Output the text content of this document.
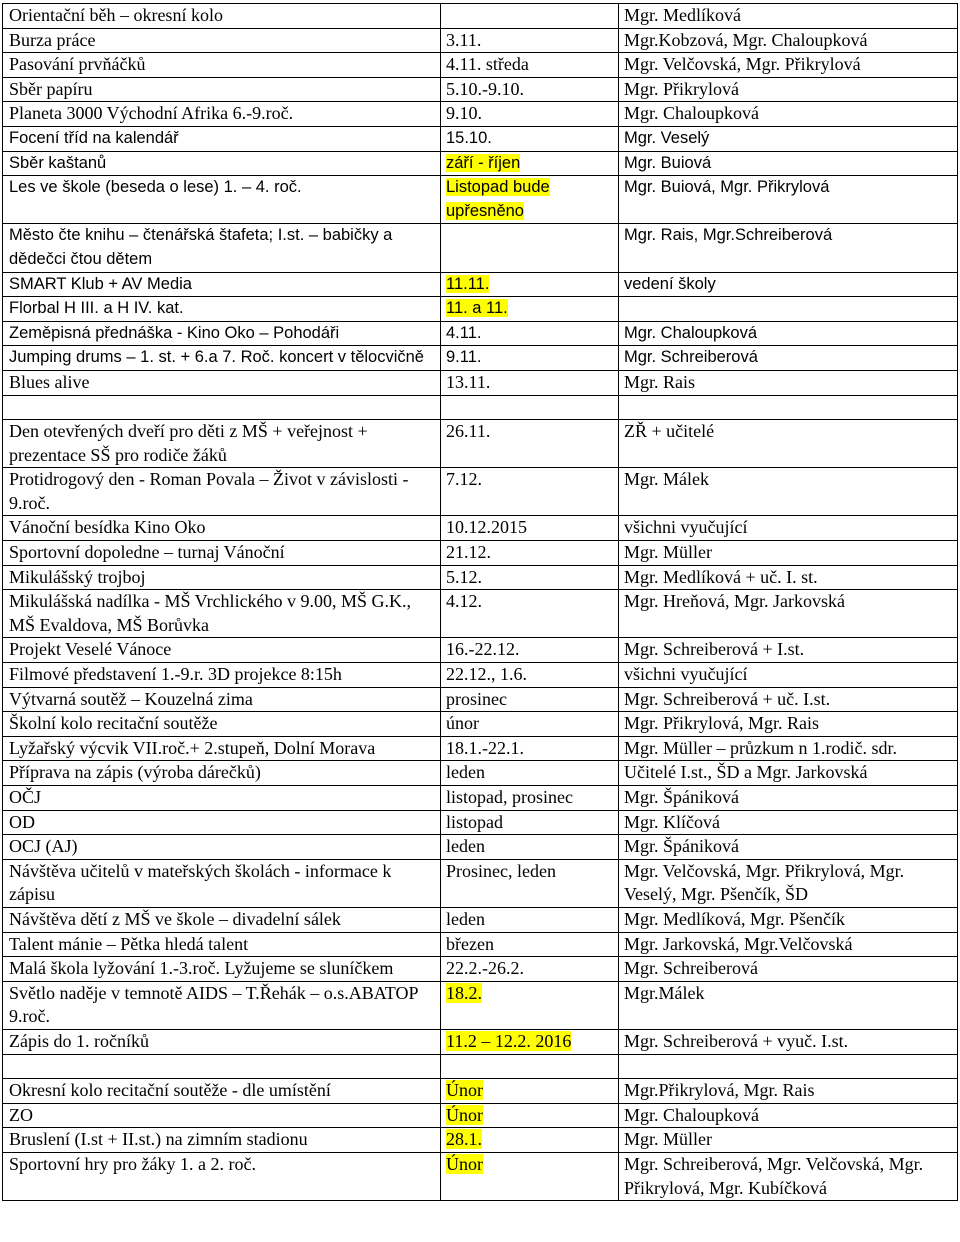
Orientační běh – okresní kolo		Mgr. Medlíková
Burza práce	3.11.	Mgr.Kobzová, Mgr. Chaloupková
Pasování prvňáčků	4.11. středa	Mgr. Velčovská, Mgr. Přikrylová
Sběr papíru	5.10.-9.10.	Mgr. Přikrylová
Planeta 3000 Východní Afrika 6.-9.roč.	9.10.	Mgr. Chaloupková
Focení tříd na kalendář	15.10.	Mgr. Veselý
Sběr kaštanů	září - říjen	Mgr. Buiová
Les ve škole (beseda o lese) 1. – 4. roč.	Listopad bude upřesněno	Mgr. Buiová, Mgr. Přikrylová
Město čte knihu – čtenářská štafeta; I.st. – babičky a dědečci čtou dětem		Mgr. Rais, Mgr.Schreiberová
SMART Klub + AV Media	11.11.	vedení školy
Florbal H III. a H IV. kat.	11. a 11.	
Zeměpisná přednáška - Kino Oko – Pohodáři	4.11.	Mgr. Chaloupková
Jumping drums – 1. st. + 6.a 7. Roč. koncert v tělocvičně	9.11.	Mgr. Schreiberová
Blues alive	13.11.	Mgr. Rais

Den otevřených dveří pro děti z MŠ + veřejnost + prezentace SŠ pro rodiče žáků	26.11.	ZŘ + učitelé
Protidrogový den - Roman Povala – Život v závislosti - 9.roč.	7.12.	Mgr. Málek
Vánoční besídka Kino Oko	10.12.2015	všichni vyučující
Sportovní dopoledne – turnaj Vánoční	21.12.	Mgr. Müller
Mikulášský trojboj	5.12.	Mgr. Medlíková + uč. I. st.
Mikulášská nadílka - MŠ Vrchlického v 9.00, MŠ G.K., MŠ Evaldova, MŠ Borůvka	4.12.	Mgr. Hreňová, Mgr. Jarkovská
Projekt Veselé Vánoce	16.-22.12.	Mgr. Schreiberová + I.st.
Filmové představení 1.-9.r. 3D projekce 8:15h	22.12., 1.6.	všichni vyučující
Výtvarná soutěž – Kouzelná zima	prosinec	Mgr. Schreiberová + uč. I.st.
Školní kolo recitační soutěže	únor	Mgr. Přikrylová, Mgr. Rais
Lyžařský výcvik VII.roč.+ 2.stupeň, Dolní Morava	18.1.-22.1.	Mgr. Müller – průzkum n 1.rodič. sdr.
Příprava na zápis (výroba dárečků)	leden	Učitelé I.st., ŠD a Mgr. Jarkovská
OČJ	listopad, prosinec	Mgr. Špániková
OD	listopad	Mgr. Klíčová
OCJ (AJ)	leden	Mgr. Špániková
Návštěva učitelů v mateřských školách - informace k zápisu	Prosinec, leden	Mgr. Velčovská, Mgr. Přikrylová, Mgr. Veselý, Mgr. Pšenčík, ŠD
Návštěva dětí z MŠ ve škole – divadelní sálek	leden	Mgr. Medlíková, Mgr. Pšenčík
Talent mánie – Pětka hledá talent	březen	Mgr. Jarkovská, Mgr.Velčovská
Malá škola lyžování 1.-3.roč. Lyžujeme se sluníčkem	22.2.-26.2.	Mgr. Schreiberová
Světlo naděje v temnotě AIDS – T.Řehák – o.s.ABATOP 9.roč.	18.2.	Mgr.Málek
Zápis do 1. ročníků	11.2 – 12.2. 2016	Mgr. Schreiberová + vyuč. I.st.

Okresní kolo recitační soutěže - dle umístění	Únor	Mgr.Přikrylová, Mgr. Rais
ZO	Únor	Mgr. Chaloupková
Bruslení (I.st + II.st.) na zimním stadionu	28.1.	Mgr. Müller
Sportovní hry pro žáky 1. a 2. roč.	Únor	Mgr. Schreiberová, Mgr. Velčovská, Mgr. Přikrylová, Mgr. Kubíčková
